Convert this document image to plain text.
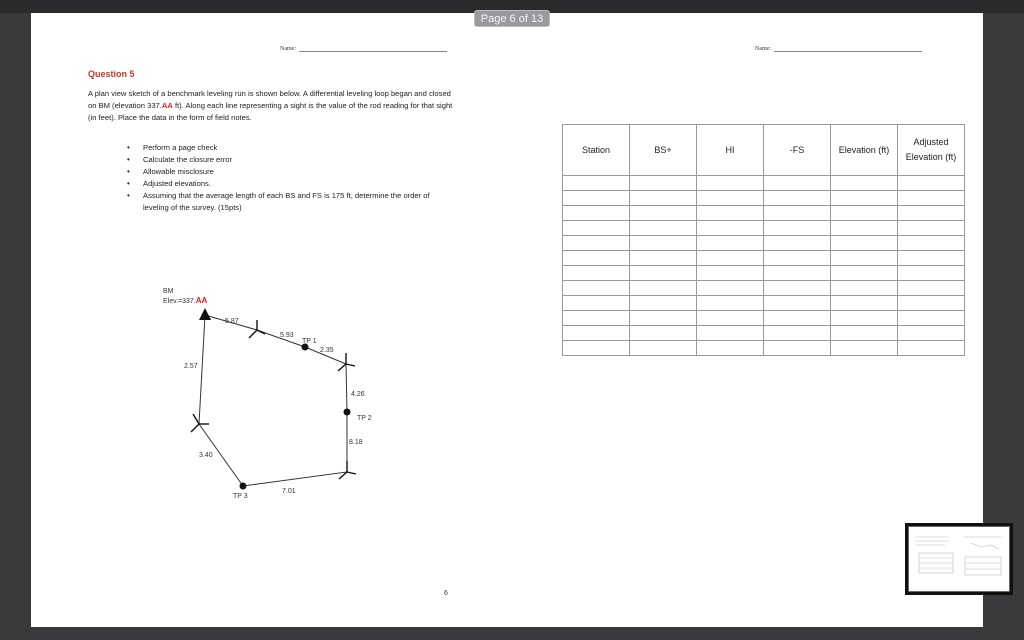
Page 6 of 13
Name:
Question 5
A plan view sketch of a benchmark leveling run is shown below. A differential leveling loop began and closed on BM (elevation 337.AA ft). Along each line representing a sight is the value of the rod reading for that sight (in feet). Place the data in the form of field notes.
• Perform a page check
• Calculate the closure error
• Allowable misclosure
• Adjusted elevations.
• Assuming that the average length of each BS and FS is 175 ft, determine the order of leveling of the survey. (15pts)
BM
Elev.=337.AA
5.87
5.93
2.35
4.26
8.18
7.01
3.40
2.57
TP 1
TP 2
TP 3
6
Name:
Station	BS+	HI	-FS	Elevation (ft)	Adjusted Elevation (ft)
